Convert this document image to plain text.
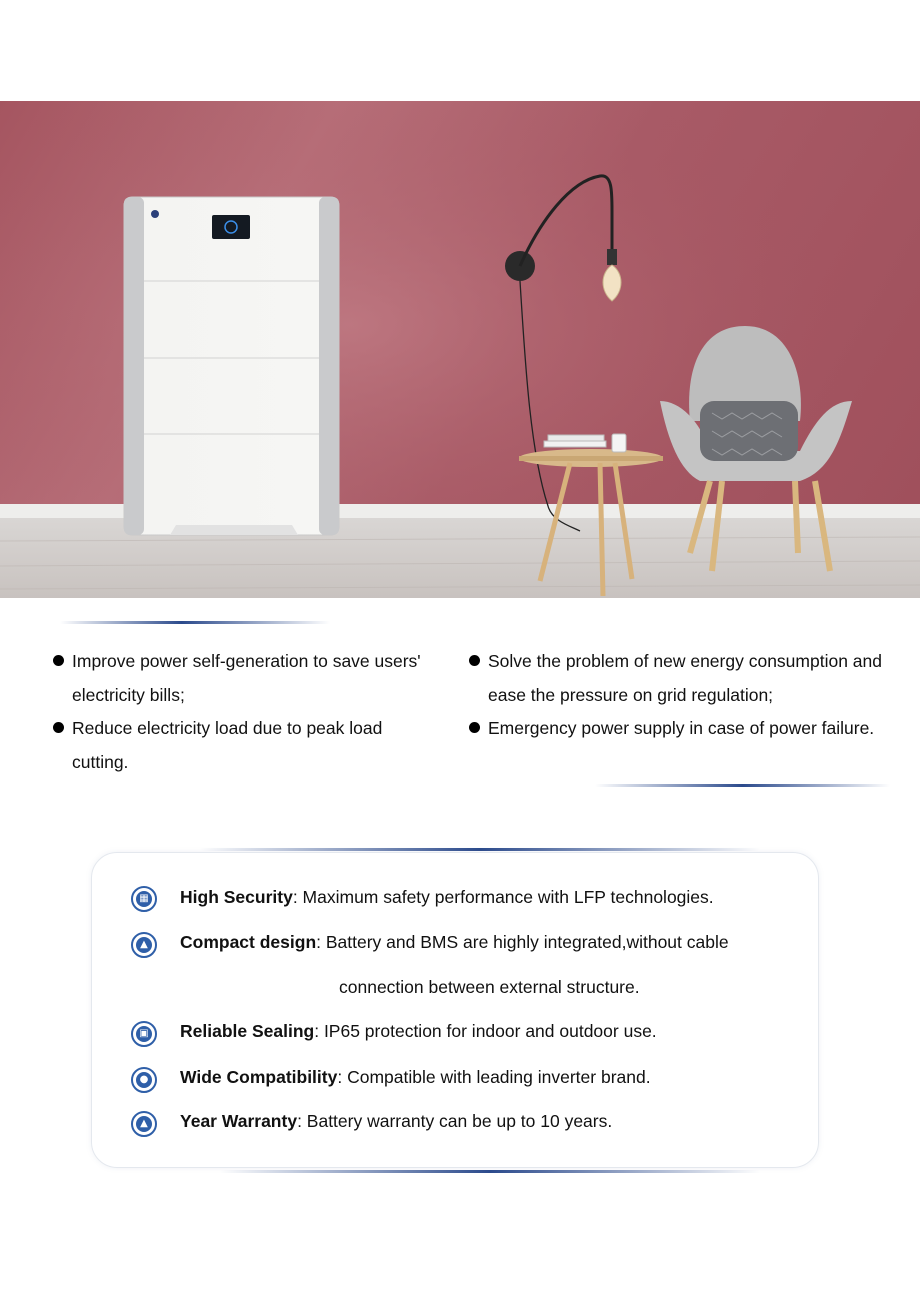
Improve power self-generation to save users' electricity bills;
Reduce electricity load due to peak load cutting.
Solve the problem of new energy consumption and ease the pressure on grid regulation;
Emergency power supply in case of power failure.
▦ High Security: Maximum safety performance with LFP technologies.
▲ Compact design: Battery and BMS are highly integrated,without cable
connection between external structure.
▣ Reliable Sealing: IP65 protection for indoor and outdoor use.
● Wide Compatibility: Compatible with leading inverter brand.
▲ Year Warranty: Battery warranty can be up to 10 years.
